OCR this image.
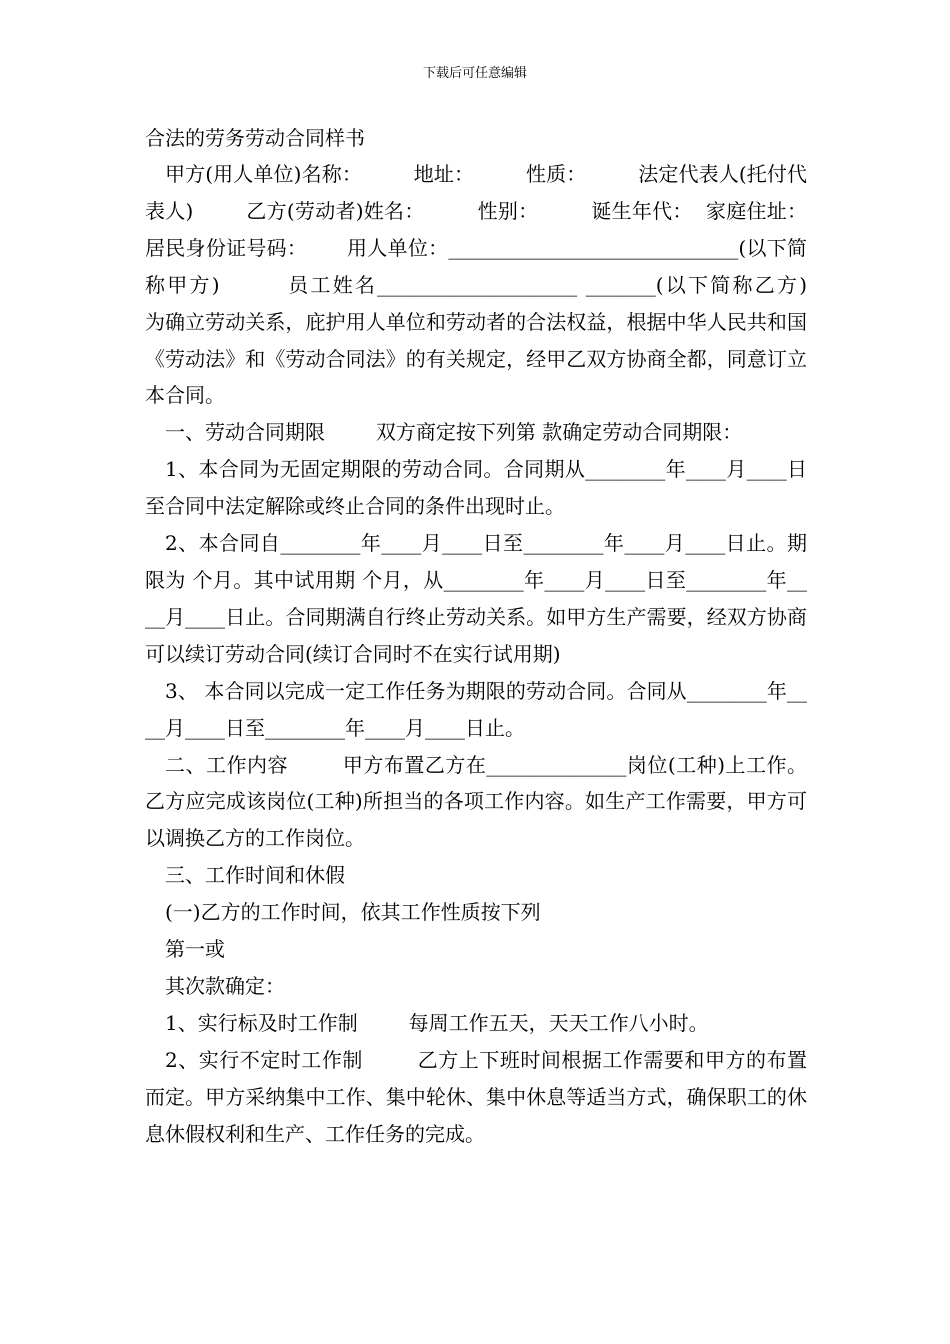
下载后可任意编辑

合法的劳务劳动合同样书

甲方(用人单位)名称：        地址：        性质：        法定代表人(托付代表人)        乙方(劳动者)姓名：        性别：        诞生年代：  家庭住址：    居民身份证号码：      用人单位：_____________________________(以下简称甲方)        员工姓名____________________ _______(以下简称乙方)        为确立劳动关系，庇护用人单位和劳动者的合法权益，根据中华人民共和国《劳动法》和《劳动合同法》的有关规定，经甲乙双方协商全都，同意订立本合同。

一、劳动合同期限        双方商定按下列第 款确定劳动合同期限：

1、本合同为无固定期限的劳动合同。合同期从________年____月____日至合同中法定解除或终止合同的条件出现时止。

2、本合同自________年____月____日至________年____月____日止。期限为 个月。其中试用期 个月，从________年____月____日至________年____月____日止。合同期满自行终止劳动关系。如甲方生产需要，经双方协商可以续订劳动合同(续订合同时不在实行试用期)

3、 本合同以完成一定工作任务为期限的劳动合同。合同从________年____月____日至________年____月____日止。

二、工作内容        甲方布置乙方在______________岗位(工种)上工作。乙方应完成该岗位(工种)所担当的各项工作内容。如生产工作需要，甲方可以调换乙方的工作岗位。

三、工作时间和休假

(一)乙方的工作时间，依其工作性质按下列

第一或

其次款确定：

1、实行标及时工作制        每周工作五天，天天工作八小时。

2、实行不定时工作制        乙方上下班时间根据工作需要和甲方的布置而定。甲方采纳集中工作、集中轮休、集中休息等适当方式，确保职工的休息休假权利和生产、工作任务的完成。
